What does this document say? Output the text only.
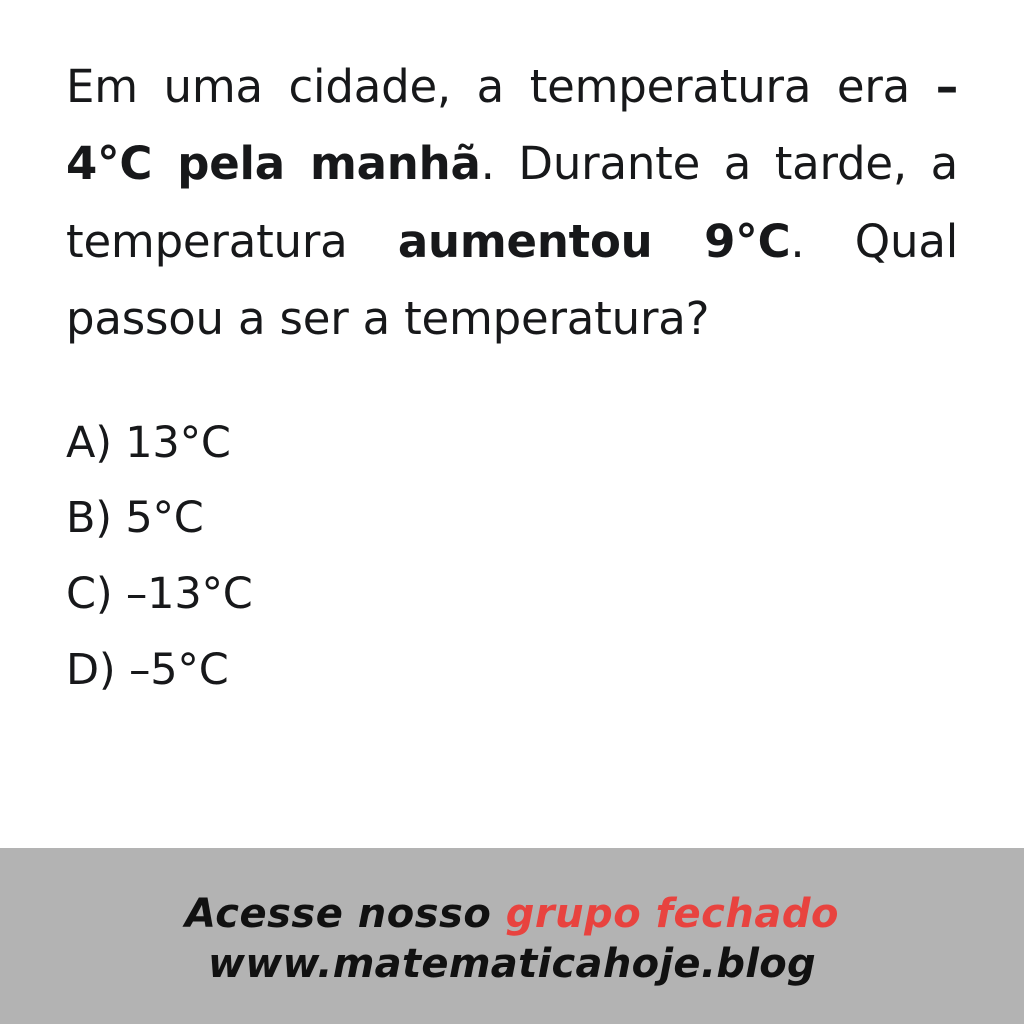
Em uma cidade, a temperatura era –4°C pela manhã. Durante a tarde, a temperatura aumentou 9°C. Qual passou a ser a temperatura?

A) 13°C
B) 5°C
C) –13°C
D) –5°C
Acesse nosso grupo fechado
www.matematicahoje.blog
